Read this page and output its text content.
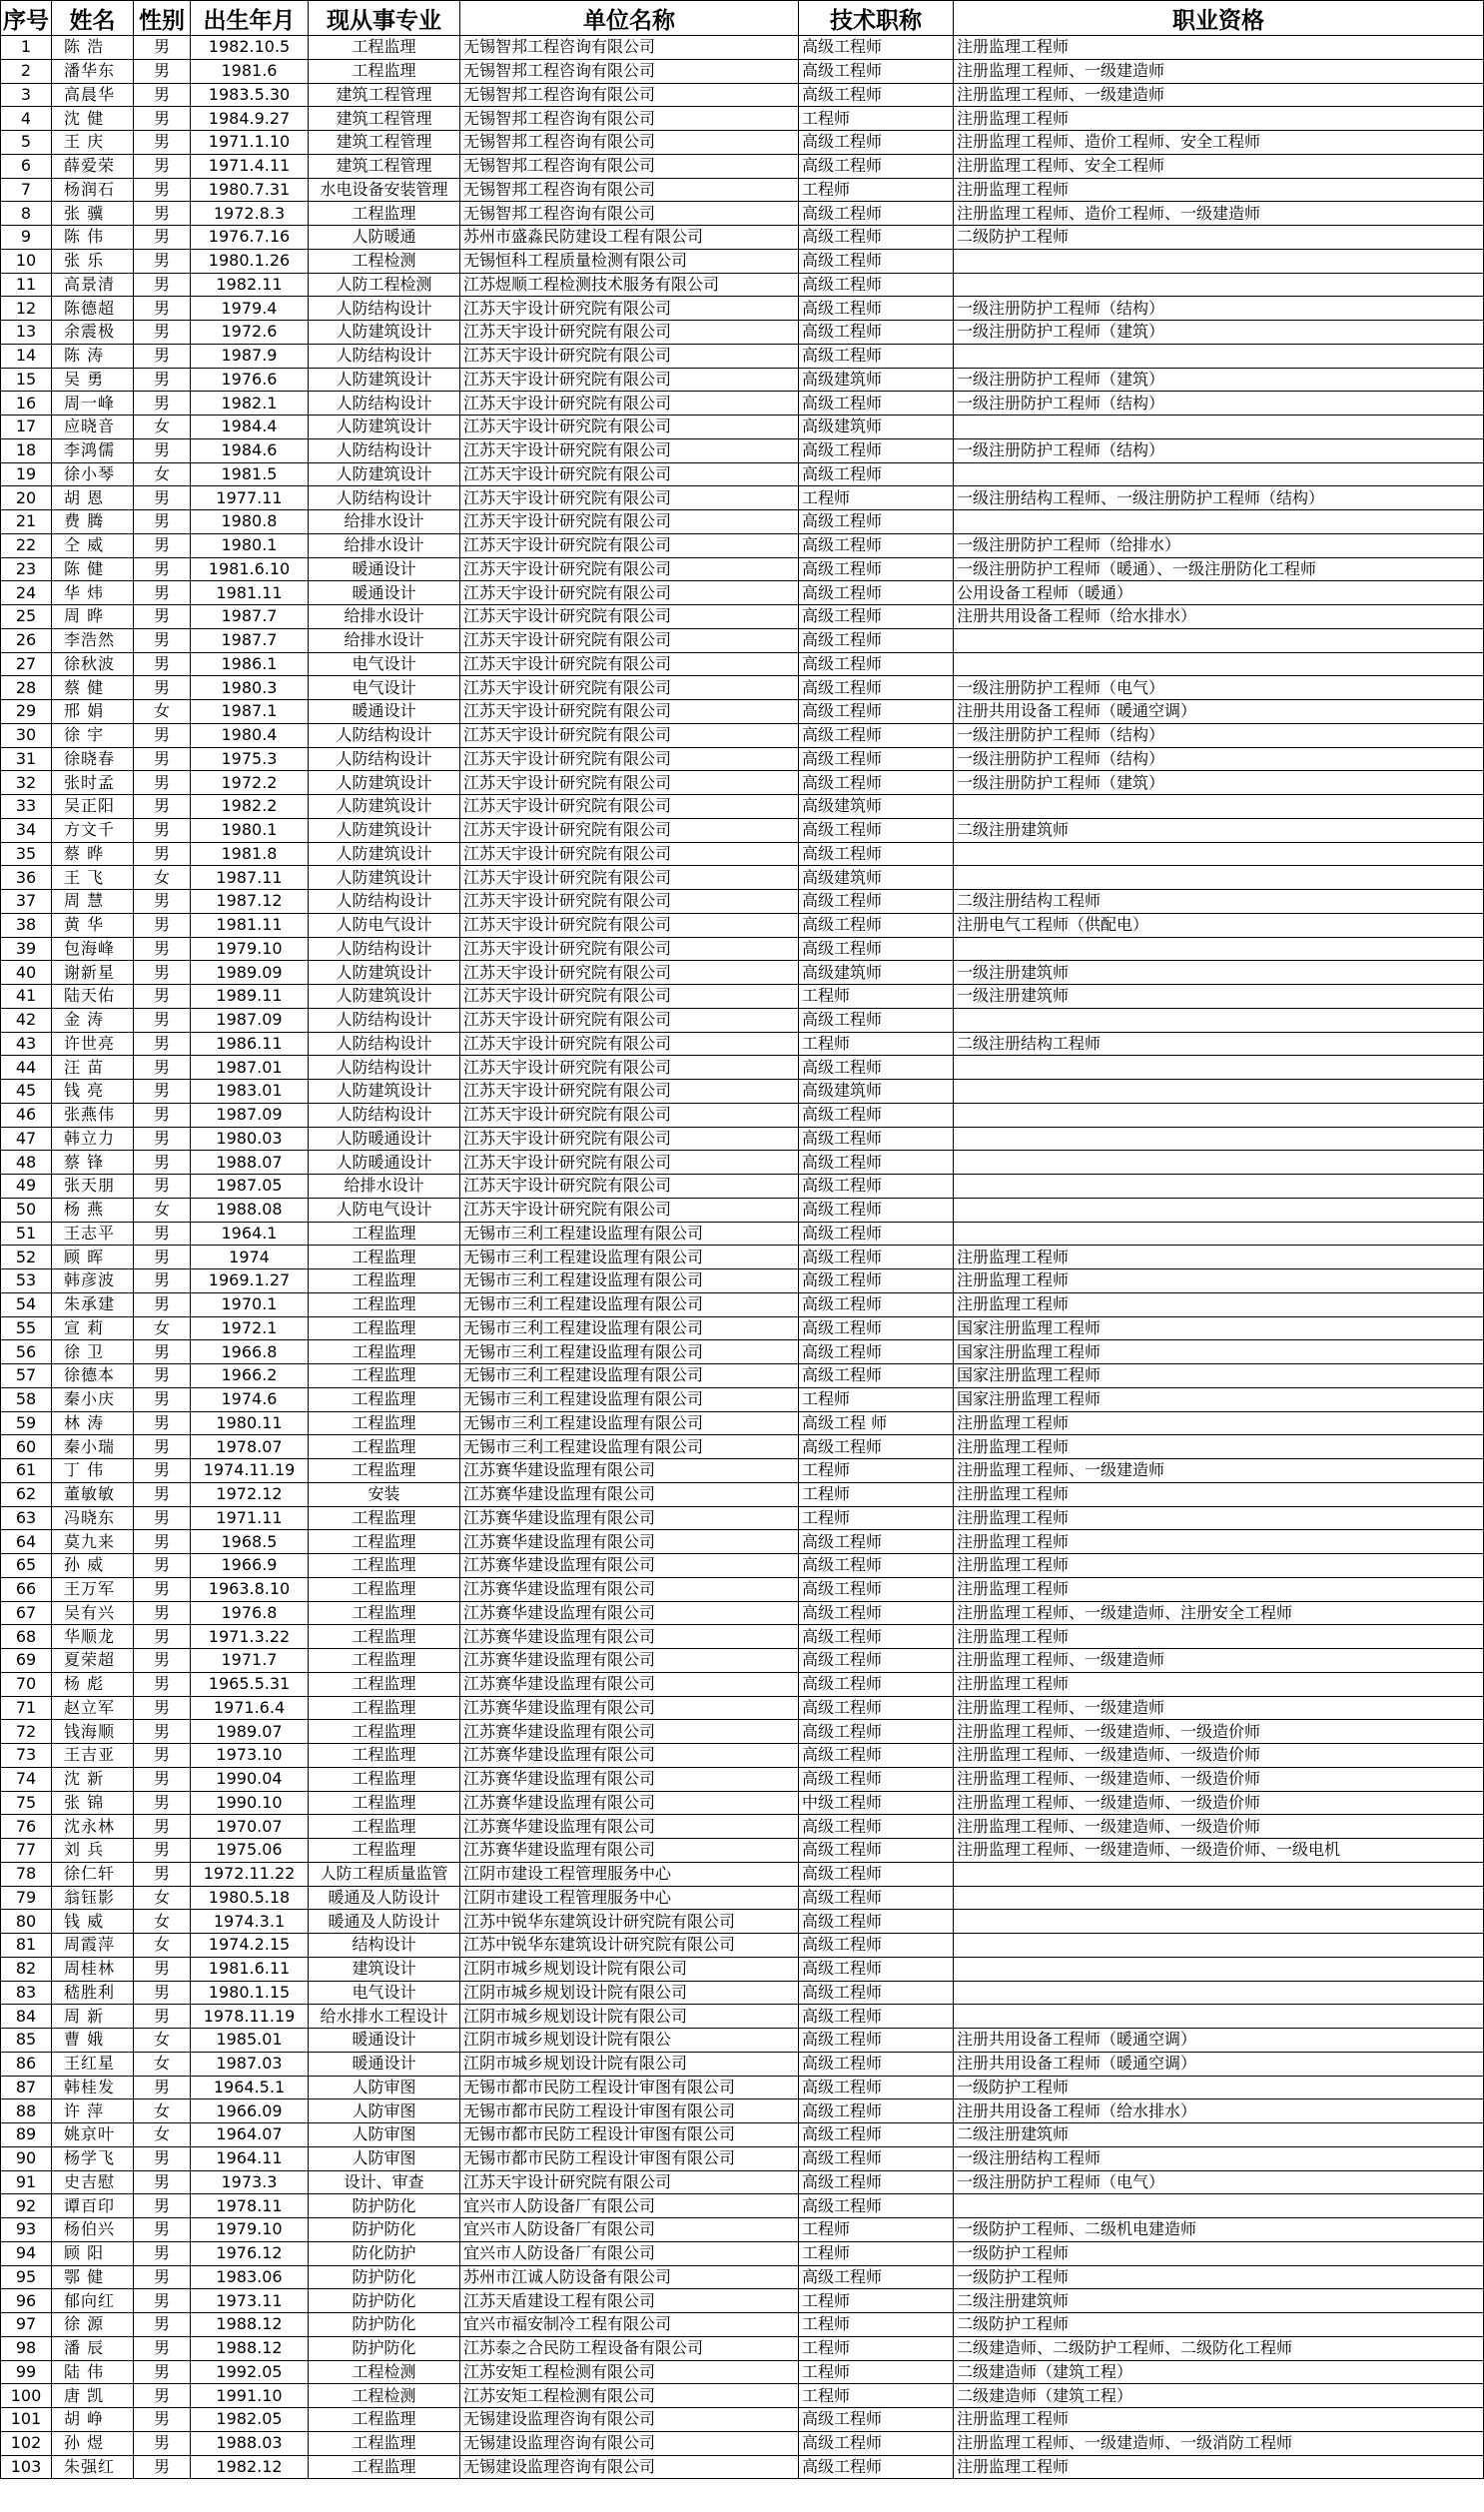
序号	姓名	性别	出生年月	现从事专业	单位名称	技术职称	职业资格
1	陈 浩	男	1982.10.5	工程监理	无锡智邦工程咨询有限公司	高级工程师	注册监理工程师
2	潘华东	男	1981.6	工程监理	无锡智邦工程咨询有限公司	高级工程师	注册监理工程师、一级建造师
3	高晨华	男	1983.5.30	建筑工程管理	无锡智邦工程咨询有限公司	高级工程师	注册监理工程师、一级建造师
4	沈 健	男	1984.9.27	建筑工程管理	无锡智邦工程咨询有限公司	工程师	注册监理工程师
5	王 庆	男	1971.1.10	建筑工程管理	无锡智邦工程咨询有限公司	高级工程师	注册监理工程师、造价工程师、安全工程师
6	薛爱荣	男	1971.4.11	建筑工程管理	无锡智邦工程咨询有限公司	高级工程师	注册监理工程师、安全工程师
7	杨润石	男	1980.7.31	水电设备安装管理	无锡智邦工程咨询有限公司	工程师	注册监理工程师
8	张 骥	男	1972.8.3	工程监理	无锡智邦工程咨询有限公司	高级工程师	注册监理工程师、造价工程师、一级建造师
9	陈 伟	男	1976.7.16	人防暖通	苏州市盛淼民防建设工程有限公司	高级工程师	二级防护工程师
10	张 乐	男	1980.1.26	工程检测	无锡恒科工程质量检测有限公司	高级工程师	
11	高景清	男	1982.11	人防工程检测	江苏煜顺工程检测技术服务有限公司	高级工程师	
12	陈德超	男	1979.4	人防结构设计	江苏天宇设计研究院有限公司	高级工程师	一级注册防护工程师（结构）
13	余震极	男	1972.6	人防建筑设计	江苏天宇设计研究院有限公司	高级工程师	一级注册防护工程师（建筑）
14	陈 涛	男	1987.9	人防结构设计	江苏天宇设计研究院有限公司	高级工程师	
15	吴 勇	男	1976.6	人防建筑设计	江苏天宇设计研究院有限公司	高级建筑师	一级注册防护工程师（建筑）
16	周一峰	男	1982.1	人防结构设计	江苏天宇设计研究院有限公司	高级工程师	一级注册防护工程师（结构）
17	应晓音	女	1984.4	人防建筑设计	江苏天宇设计研究院有限公司	高级建筑师	
18	李鸿儒	男	1984.6	人防结构设计	江苏天宇设计研究院有限公司	高级工程师	一级注册防护工程师（结构）
19	徐小琴	女	1981.5	人防建筑设计	江苏天宇设计研究院有限公司	高级工程师	
20	胡 恩	男	1977.11	人防结构设计	江苏天宇设计研究院有限公司	工程师	一级注册结构工程师、一级注册防护工程师（结构）
21	费 腾	男	1980.8	给排水设计	江苏天宇设计研究院有限公司	高级工程师	
22	仝 威	男	1980.1	给排水设计	江苏天宇设计研究院有限公司	高级工程师	一级注册防护工程师（给排水）
23	陈 健	男	1981.6.10	暖通设计	江苏天宇设计研究院有限公司	高级工程师	一级注册防护工程师（暖通）、一级注册防化工程师
24	华 炜	男	1981.11	暖通设计	江苏天宇设计研究院有限公司	高级工程师	公用设备工程师（暖通）
25	周 晔	男	1987.7	给排水设计	江苏天宇设计研究院有限公司	高级工程师	注册共用设备工程师（给水排水）
26	李浩然	男	1987.7	给排水设计	江苏天宇设计研究院有限公司	高级工程师	
27	徐秋波	男	1986.1	电气设计	江苏天宇设计研究院有限公司	高级工程师	
28	蔡 健	男	1980.3	电气设计	江苏天宇设计研究院有限公司	高级工程师	一级注册防护工程师（电气）
29	邢 娟	女	1987.1	暖通设计	江苏天宇设计研究院有限公司	高级工程师	注册共用设备工程师（暖通空调）
30	徐 宇	男	1980.4	人防结构设计	江苏天宇设计研究院有限公司	高级工程师	一级注册防护工程师（结构）
31	徐晓春	男	1975.3	人防结构设计	江苏天宇设计研究院有限公司	高级工程师	一级注册防护工程师（结构）
32	张时孟	男	1972.2	人防建筑设计	江苏天宇设计研究院有限公司	高级工程师	一级注册防护工程师（建筑）
33	吴正阳	男	1982.2	人防建筑设计	江苏天宇设计研究院有限公司	高级建筑师	
34	方文千	男	1980.1	人防建筑设计	江苏天宇设计研究院有限公司	高级工程师	二级注册建筑师
35	蔡 晔	男	1981.8	人防建筑设计	江苏天宇设计研究院有限公司	高级工程师	
36	王 飞	女	1987.11	人防建筑设计	江苏天宇设计研究院有限公司	高级建筑师	
37	周 慧	男	1987.12	人防结构设计	江苏天宇设计研究院有限公司	高级工程师	二级注册结构工程师
38	黄 华	男	1981.11	人防电气设计	江苏天宇设计研究院有限公司	高级工程师	注册电气工程师（供配电）
39	包海峰	男	1979.10	人防结构设计	江苏天宇设计研究院有限公司	高级工程师	
40	谢新星	男	1989.09	人防建筑设计	江苏天宇设计研究院有限公司	高级建筑师	一级注册建筑师
41	陆天佑	男	1989.11	人防建筑设计	江苏天宇设计研究院有限公司	工程师	一级注册建筑师
42	金 涛	男	1987.09	人防结构设计	江苏天宇设计研究院有限公司	高级工程师	
43	许世亮	男	1986.11	人防结构设计	江苏天宇设计研究院有限公司	工程师	二级注册结构工程师
44	汪 苗	男	1987.01	人防结构设计	江苏天宇设计研究院有限公司	高级工程师	
45	钱 亮	男	1983.01	人防建筑设计	江苏天宇设计研究院有限公司	高级建筑师	
46	张燕伟	男	1987.09	人防结构设计	江苏天宇设计研究院有限公司	高级工程师	
47	韩立力	男	1980.03	人防暖通设计	江苏天宇设计研究院有限公司	高级工程师	
48	蔡 锋	男	1988.07	人防暖通设计	江苏天宇设计研究院有限公司	高级工程师	
49	张天朋	男	1987.05	给排水设计	江苏天宇设计研究院有限公司	高级工程师	
50	杨 燕	女	1988.08	人防电气设计	江苏天宇设计研究院有限公司	高级工程师	
51	王志平	男	1964.1	工程监理	无锡市三利工程建设监理有限公司	高级工程师	
52	顾 晖	男	1974	工程监理	无锡市三利工程建设监理有限公司	高级工程师	注册监理工程师
53	韩彦波	男	1969.1.27	工程监理	无锡市三利工程建设监理有限公司	高级工程师	注册监理工程师
54	朱承建	男	1970.1	工程监理	无锡市三利工程建设监理有限公司	高级工程师	注册监理工程师
55	宣 莉	女	1972.1	工程监理	无锡市三利工程建设监理有限公司	高级工程师	国家注册监理工程师
56	徐 卫	男	1966.8	工程监理	无锡市三利工程建设监理有限公司	高级工程师	国家注册监理工程师
57	徐德本	男	1966.2	工程监理	无锡市三利工程建设监理有限公司	高级工程师	国家注册监理工程师
58	秦小庆	男	1974.6	工程监理	无锡市三利工程建设监理有限公司	工程师	国家注册监理工程师
59	林 涛	男	1980.11	工程监理	无锡市三利工程建设监理有限公司	高级工程 师	注册监理工程师
60	秦小瑞	男	1978.07	工程监理	无锡市三利工程建设监理有限公司	高级工程师	注册监理工程师
61	丁 伟	男	1974.11.19	工程监理	江苏赛华建设监理有限公司	工程师	注册监理工程师、一级建造师
62	董敏敏	男	1972.12	安装	江苏赛华建设监理有限公司	工程师	注册监理工程师
63	冯晓东	男	1971.11	工程监理	江苏赛华建设监理有限公司	工程师	注册监理工程师
64	莫九来	男	1968.5	工程监理	江苏赛华建设监理有限公司	高级工程师	注册监理工程师
65	孙 威	男	1966.9	工程监理	江苏赛华建设监理有限公司	高级工程师	注册监理工程师
66	王万军	男	1963.8.10	工程监理	江苏赛华建设监理有限公司	高级工程师	注册监理工程师
67	吴有兴	男	1976.8	工程监理	江苏赛华建设监理有限公司	高级工程师	注册监理工程师、一级建造师、注册安全工程师
68	华顺龙	男	1971.3.22	工程监理	江苏赛华建设监理有限公司	高级工程师	注册监理工程师
69	夏荣超	男	1971.7	工程监理	江苏赛华建设监理有限公司	高级工程师	注册监理工程师、一级建造师
70	杨 彪	男	1965.5.31	工程监理	江苏赛华建设监理有限公司	高级工程师	注册监理工程师
71	赵立军	男	1971.6.4	工程监理	江苏赛华建设监理有限公司	高级工程师	注册监理工程师、一级建造师
72	钱海顺	男	1989.07	工程监理	江苏赛华建设监理有限公司	高级工程师	注册监理工程师、一级建造师、一级造价师
73	王吉亚	男	1973.10	工程监理	江苏赛华建设监理有限公司	高级工程师	注册监理工程师、一级建造师、一级造价师
74	沈 新	男	1990.04	工程监理	江苏赛华建设监理有限公司	高级工程师	注册监理工程师、一级建造师、一级造价师
75	张 锦	男	1990.10	工程监理	江苏赛华建设监理有限公司	中级工程师	注册监理工程师、一级建造师、一级造价师
76	沈永林	男	1970.07	工程监理	江苏赛华建设监理有限公司	高级工程师	注册监理工程师、一级建造师、一级造价师
77	刘 兵	男	1975.06	工程监理	江苏赛华建设监理有限公司	高级工程师	注册监理工程师、一级建造师、一级造价师、一级电机
78	徐仁轩	男	1972.11.22	人防工程质量监管	江阴市建设工程管理服务中心	高级工程师	
79	翁钰影	女	1980.5.18	暖通及人防设计	江阴市建设工程管理服务中心	高级工程师	
80	钱 威	女	1974.3.1	暖通及人防设计	江苏中锐华东建筑设计研究院有限公司	高级工程师	
81	周霞萍	女	1974.2.15	结构设计	江苏中锐华东建筑设计研究院有限公司	高级工程师	
82	周桂林	男	1981.6.11	建筑设计	江阴市城乡规划设计院有限公司	高级工程师	
83	嵇胜利	男	1980.1.15	电气设计	江阴市城乡规划设计院有限公司	高级工程师	
84	周 新	男	1978.11.19	给水排水工程设计	江阴市城乡规划设计院有限公司	高级工程师	
85	曹 娥	女	1985.01	暖通设计	江阴市城乡规划设计院有限公	高级工程师	注册共用设备工程师（暖通空调）
86	王红星	女	1987.03	暖通设计	江阴市城乡规划设计院有限公司	高级工程师	注册共用设备工程师（暖通空调）
87	韩桂发	男	1964.5.1	人防审图	无锡市都市民防工程设计审图有限公司	高级工程师	一级防护工程师
88	许 萍	女	1966.09	人防审图	无锡市都市民防工程设计审图有限公司	高级工程师	注册共用设备工程师（给水排水）
89	姚京叶	女	1964.07	人防审图	无锡市都市民防工程设计审图有限公司	高级工程师	二级注册建筑师
90	杨学飞	男	1964.11	人防审图	无锡市都市民防工程设计审图有限公司	高级工程师	一级注册结构工程师
91	史吉慰	男	1973.3	设计、审查	江苏天宇设计研究院有限公司	高级工程师	一级注册防护工程师（电气）
92	谭百印	男	1978.11	防护防化	宜兴市人防设备厂有限公司	高级工程师	
93	杨伯兴	男	1979.10	防护防化	宜兴市人防设备厂有限公司	工程师	一级防护工程师、二级机电建造师
94	顾 阳	男	1976.12	防化防护	宜兴市人防设备厂有限公司	工程师	一级防护工程师
95	鄂 健	男	1983.06	防护防化	苏州市江诚人防设备有限公司	高级工程师	一级防护工程师
96	郁向红	男	1973.11	防护防化	江苏天盾建设工程有限公司	工程师	二级注册建筑师
97	徐 源	男	1988.12	防护防化	宜兴市福安制冷工程有限公司	工程师	二级防护工程师
98	潘 辰	男	1988.12	防护防化	江苏泰之合民防工程设备有限公司	工程师	二级建造师、二级防护工程师、二级防化工程师
99	陆 伟	男	1992.05	工程检测	江苏安矩工程检测有限公司	工程师	二级建造师（建筑工程）
100	唐 凯	男	1991.10	工程检测	江苏安矩工程检测有限公司	工程师	二级建造师（建筑工程）
101	胡 峥	男	1982.05	工程监理	无锡建设监理咨询有限公司	高级工程师	注册监理工程师
102	孙 煜	男	1988.03	工程监理	无锡建设监理咨询有限公司	高级工程师	注册监理工程师、一级建造师、一级消防工程师
103	朱强红	男	1982.12	工程监理	无锡建设监理咨询有限公司	高级工程师	注册监理工程师
